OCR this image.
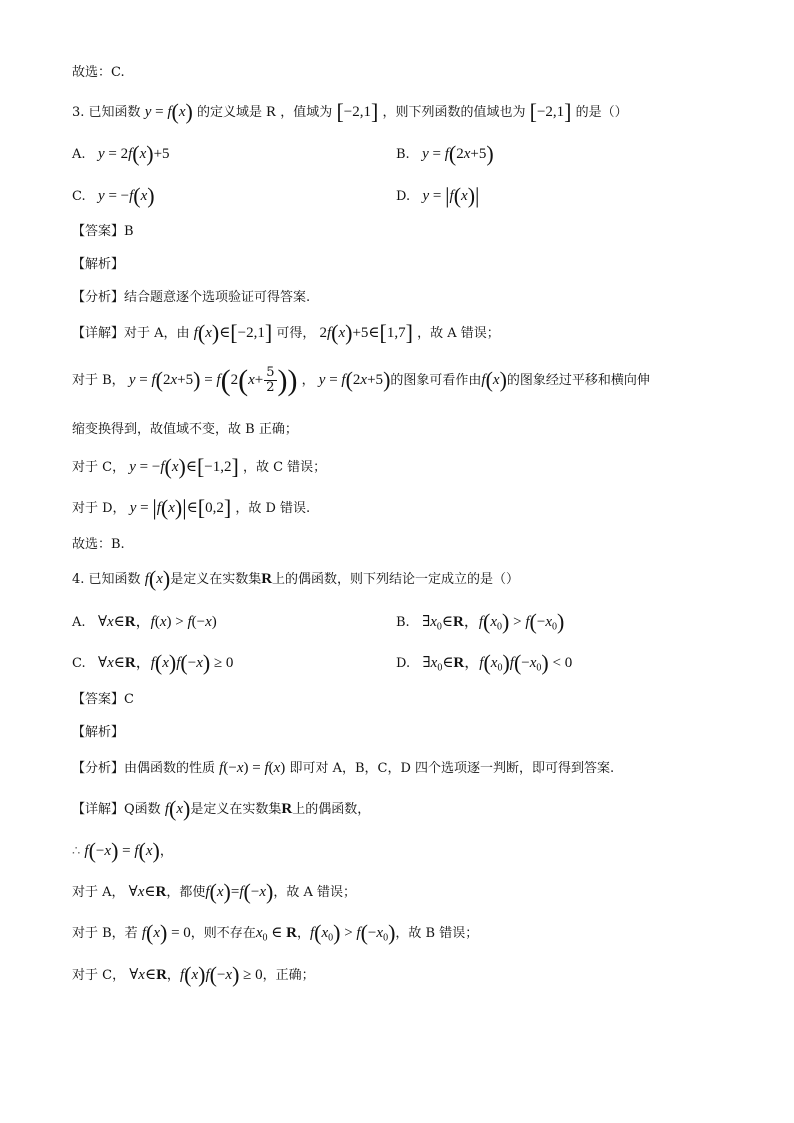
故选：C.
3. 已知函数 y = f(x) 的定义域是 R ，值域为 [−2,1] ，则下列函数的值域也为 [−2,1] 的是（）
A. y = 2f(x)+5	B. y = f(2x+5)
C. y = −f(x)	D. y = |f(x)|
【答案】B
【解析】
【分析】结合题意逐个选项验证可得答案.
【详解】对于 A，由 f(x)∈[−2,1] 可得， 2f(x)+5∈[1,7] ，故 A 错误；
对于 B， $y = f(2x+5) = f(2(x+ \frac{5}{2}$ )) ， y = f(2x+5)的图象可看作由f(x)的图象经过平移和横向伸
缩变换得到，故值域不变，故 B 正确；
对于 C， y = −f(x)∈[−1,2] ，故 C 错误；
对于 D， y = |f(x)|∈[0,2] ，故 D 错误.
故选：B.
4. 已知函数 f(x)是定义在实数集R上的偶函数，则下列结论一定成立的是（）
A. ∀x∈R，f(x) > f(−x)	B. $\exists x_0\in R$，$f(x_0) > f(-x_0)$
C. ∀x∈R，f(x)f(−x) ≥ 0	D. $\exists x_0\in R$，$f(x_0)f(-x_0) < 0$
【答案】C
【解析】
【分析】由偶函数的性质 f(−x) = f(x) 即可对 A，B，C，D 四个选项逐一判断，即可得到答案.
【详解】Q函数 f(x)是定义在实数集R上的偶函数，
∴ f(−x) = f(x)，
对于 A， ∀x∈R，都使f(x)=f(−x)，故 A 错误；
对于 B，若 f(x) = 0，则不存在$x_0$ ∈ R，$f(x_0) > f(-x_0)$，故 B 错误；
对于 C， ∀x∈R，f(x)f(−x) ≥ 0，正确；
